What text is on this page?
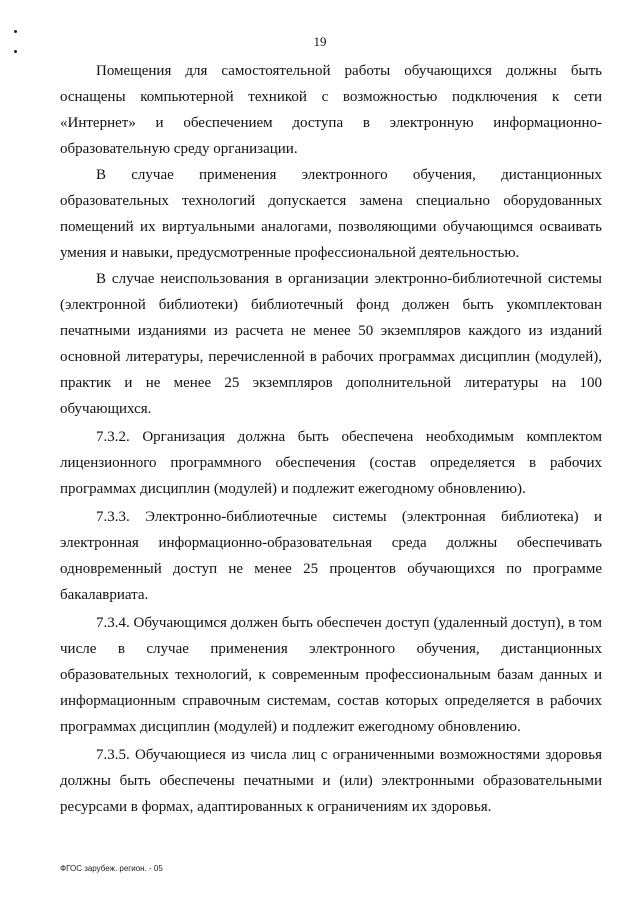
19

Помещения для самостоятельной работы обучающихся должны быть оснащены компьютерной техникой с возможностью подключения к сети «Интернет» и обеспечением доступа в электронную информационно-образовательную среду организации.

В случае применения электронного обучения, дистанционных образовательных технологий допускается замена специально оборудованных помещений их виртуальными аналогами, позволяющими обучающимся осваивать умения и навыки, предусмотренные профессиональной деятельностью.

В случае неиспользования в организации электронно-библиотечной системы (электронной библиотеки) библиотечный фонд должен быть укомплектован печатными изданиями из расчета не менее 50 экземпляров каждого из изданий основной литературы, перечисленной в рабочих программах дисциплин (модулей), практик и не менее 25 экземпляров дополнительной литературы на 100 обучающихся.

7.3.2. Организация должна быть обеспечена необходимым комплектом лицензионного программного обеспечения (состав определяется в рабочих программах дисциплин (модулей) и подлежит ежегодному обновлению).

7.3.3. Электронно-библиотечные системы (электронная библиотека) и электронная информационно-образовательная среда должны обеспечивать одновременный доступ не менее 25 процентов обучающихся по программе бакалавриата.

7.3.4. Обучающимся должен быть обеспечен доступ (удаленный доступ), в том числе в случае применения электронного обучения, дистанционных образовательных технологий, к современным профессиональным базам данных и информационным справочным системам, состав которых определяется в рабочих программах дисциплин (модулей) и подлежит ежегодному обновлению.

7.3.5. Обучающиеся из числа лиц с ограниченными возможностями здоровья должны быть обеспечены печатными и (или) электронными образовательными ресурсами в формах, адаптированных к ограничениям их здоровья.

ФГОС зарубеж. регион. - 05
